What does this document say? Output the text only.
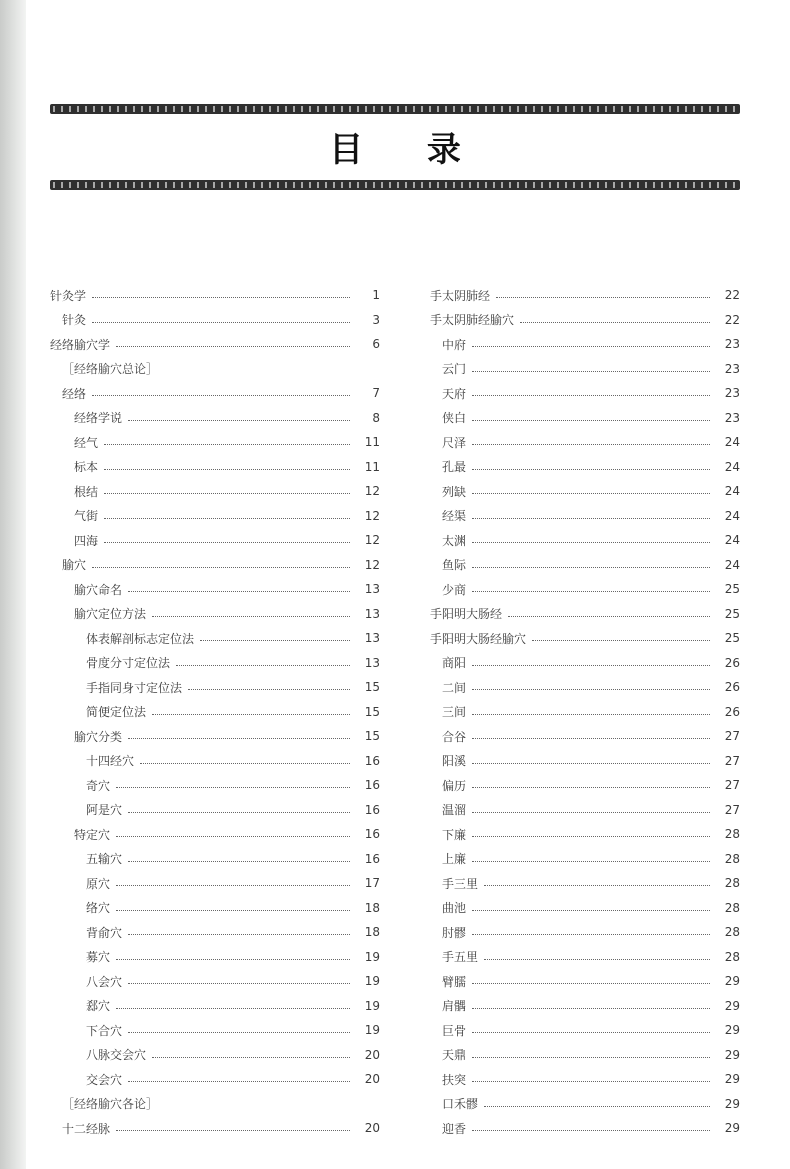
目 录
针灸学	1
针灸	3
经络腧穴学	6
［经络腧穴总论］
经络	7
经络学说	8
经气	11
标本	11
根结	12
气街	12
四海	12
腧穴	12
腧穴命名	13
腧穴定位方法	13
体表解剖标志定位法	13
骨度分寸定位法	13
手指同身寸定位法	15
简便定位法	15
腧穴分类	15
十四经穴	16
奇穴	16
阿是穴	16
特定穴	16
五输穴	16
原穴	17
络穴	18
背俞穴	18
募穴	19
八会穴	19
郄穴	19
下合穴	19
八脉交会穴	20
交会穴	20
［经络腧穴各论］
十二经脉	20
手太阴肺经	22
手太阴肺经腧穴	22
中府	23
云门	23
天府	23
侠白	23
尺泽	24
孔最	24
列缺	24
经渠	24
太渊	24
鱼际	24
少商	25
手阳明大肠经	25
手阳明大肠经腧穴	25
商阳	26
二间	26
三间	26
合谷	27
阳溪	27
偏历	27
温溜	27
下廉	28
上廉	28
手三里	28
曲池	28
肘髎	28
手五里	28
臂臑	29
肩髃	29
巨骨	29
天鼎	29
扶突	29
口禾髎	29
迎香	29
